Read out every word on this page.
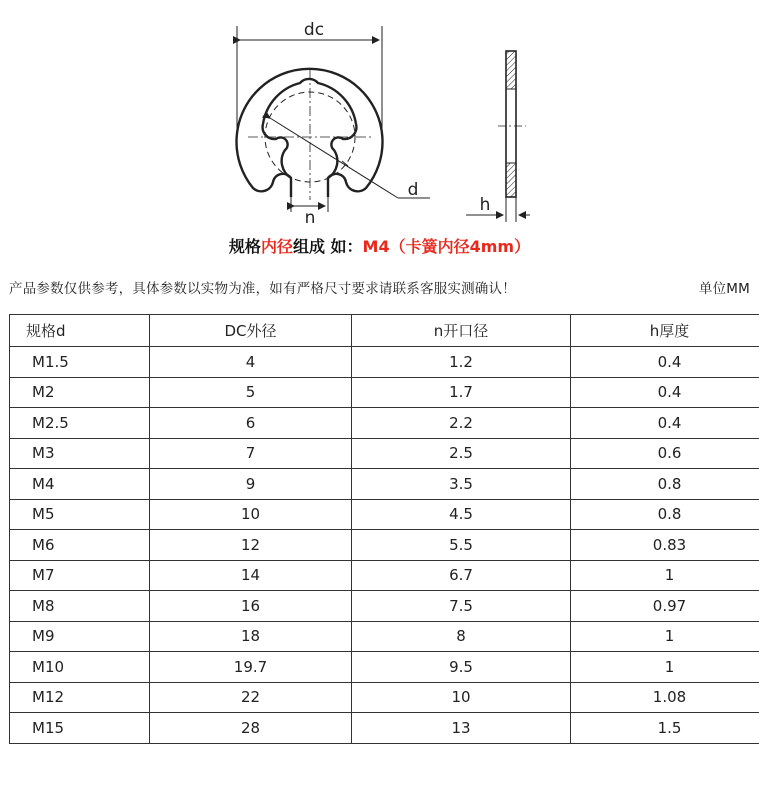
dc
d
n
h
规格内径组成 如：M4（卡簧内径4mm）
产品参数仅供参考，具体参数以实物为准，如有严格尺寸要求请联系客服实测确认！	单位MM
规格d	DC外径	n开口径	h厚度
M1.5	4	1.2	0.4
M2	5	1.7	0.4
M2.5	6	2.2	0.4
M3	7	2.5	0.6
M4	9	3.5	0.8
M5	10	4.5	0.8
M6	12	5.5	0.83
M7	14	6.7	1
M8	16	7.5	0.97
M9	18	8	1
M10	19.7	9.5	1
M12	22	10	1.08
M15	28	13	1.5
